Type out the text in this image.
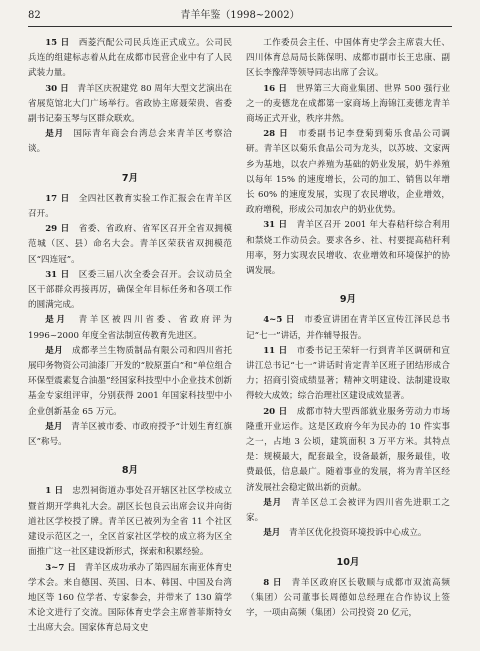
82	青羊年鉴（1998~2002）

15 日　 西菱汽配公司民兵连正式成立。公司民兵连的组建标志着从此在成都市民营企业中有了人民武装力量。

30 日　 青羊区庆祝建党 80 周年大型文艺演出在省展览馆北大门广场举行。省政协主席聂荣贵、省委副书记秦玉琴与区群众联欢。

是月　 国际青年商会台湾总会来青羊区考察洽谈。

7月

17 日　 全四社区教育实验工作汇报会在青羊区召开。

29 日　 省委、省政府、省军区召开全省双拥模范城（区、县）命名大会。青羊区荣获省双拥模范区“四连冠”。

31 日　 区委三届八次全委会召开。会议动员全区干部群众再接再厉，确保全年目标任务和各项工作的圆满完成。

是月　 青羊区被四川省委、省政府评为 1996~2000 年度全省法制宣传教育先进区。

是月　 成都孝兰生物质制品有限公司和四川省托展印务物资公司油漆厂开发的“胶原蛋白”和“单位组合环保型震素复合油墨”经国家科技型中小企业技术创新基金专家组评审，分别获得 2001 年国家科技型中小企业创新基金 65 万元。

是月　 青羊区被市委、市政府授予“计划生育红旗区”称号。

8月

1 日　 忠烈祠街道办事处召开辖区社区学校成立暨首期开学典礼大会。副区长包良云出席会议并向街道社区学校授了牌。青羊区已被列为全省 11 个社区建设示范区之一，全区首家社区学校的成立将为区全面推广这一社区建设新形式，探索和积累经验。

3~7 日　 青羊区成功承办了第四届东南亚体育史学术会。来自德国、英国、日本、韩国、中国及台湾地区等 160 位学者、专家参会，并带来了 130 篇学术论文进行了交流。国际体育史学会主席普菲斯特女士出席大会。国家体育总局文史

工作委员会主任、中国体育史学会主席袁大任、四川体育总局局长陈保明、成都市副市长王忠康、副区长李豫萍等领导同志出席了会议。

16 日　 世界第三大商业集团、世界 500 强行业之一的麦德龙在成都第一家商场上海锦江麦德龙青羊商场正式开业，秩序井然。

28 日　 市委副书记李登菊到菊乐食品公司调研。青羊区以菊乐食品公司为龙头，以苏坡、文家两乡为基地，以农户养殖为基础的奶业发展，奶牛养殖以每年 15% 的速度增长，公司的加工、销售以年增长 60% 的速度发展，实现了农民增收，企业增效，政府增税，形成公司加农户的奶业优势。

31 日　 青羊区召开 2001 年大春秸秆综合利用和禁烧工作动员会。要求各乡、社、村要提高秸秆利用率，努力实现农民增收、农业增效和环境保护的协调发展。

9月

4~5 日　 市委宣讲团在青羊区宣传江泽民总书记“七一”讲话，并作辅导报告。

11 日　 市委书记王荣轩一行到青羊区调研和宣讲江总书记“七一”讲话时肯定青羊区班子团结形成合力；招商引资成绩显著；精神文明建设、法制建设取得较大成效；综合治理社区建设成效显著。

20 日　 成都市特大型西部就业服务劳动力市场隆重开业运作。这是区政府今年为民办的 10 件实事之一，占地 3 公顷，建筑面积 3 万平方米。其特点是：规模最大，配套最全，设备最新，服务最佳，收费最低，信息最广。随着事业的发展，将为青羊区经济发展社会稳定做出新的贡献。

是月　 青羊区总工会被评为四川省先进职工之家。

是月　 青羊区优化投资环境投诉中心成立。

10月

8 日　 青羊区政府区长敬顺与成都市双流高频（集团）公司董事长周德如总经理在合作协议上签字，一项由高频（集团）公司投资 20 亿元，
